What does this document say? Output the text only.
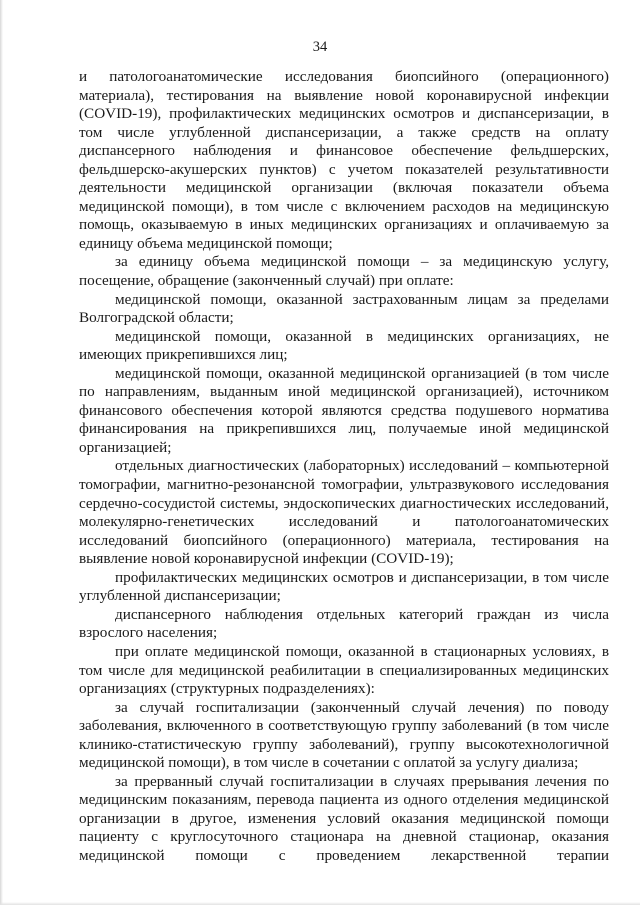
34

и патологоанатомические исследования биопсийного (операционного) материала), тестирования на выявление новой коронавирусной инфекции (COVID-19), профилактических медицинских осмотров и диспансеризации, в том числе углубленной диспансеризации, а также средств на оплату диспансерного наблюдения и финансовое обеспечение фельдшерских, фельдшерско-акушерских пунктов) с учетом показателей результативности деятельности медицинской организации (включая показатели объема медицинской помощи), в том числе с включением расходов на медицинскую помощь, оказываемую в иных медицинских организациях и оплачиваемую за единицу объема медицинской помощи;

за единицу объема медицинской помощи – за медицинскую услугу, посещение, обращение (законченный случай) при оплате:

медицинской помощи, оказанной застрахованным лицам за пределами Волгоградской области;

медицинской помощи, оказанной в медицинских организациях, не имеющих прикрепившихся лиц;

медицинской помощи, оказанной медицинской организацией (в том числе по направлениям, выданным иной медицинской организацией), источником финансового обеспечения которой являются средства подушевого норматива финансирования на прикрепившихся лиц, получаемые иной медицинской организацией;

отдельных диагностических (лабораторных) исследований – компьютерной томографии, магнитно-резонансной томографии, ультразвукового исследования сердечно-сосудистой системы, эндоскопических диагностических исследований, молекулярно-генетических исследований и патологоанатомических исследований биопсийного (операционного) материала, тестирования на выявление новой коронавирусной инфекции (COVID-19);

профилактических медицинских осмотров и диспансеризации, в том числе углубленной диспансеризации;

диспансерного наблюдения отдельных категорий граждан из числа взрослого населения;

при оплате медицинской помощи, оказанной в стационарных условиях, в том числе для медицинской реабилитации в специализированных медицинских организациях (структурных подразделениях):

за случай госпитализации (законченный случай лечения) по поводу заболевания, включенного в соответствующую группу заболеваний (в том числе клинико-статистическую группу заболеваний), группу высокотехнологичной медицинской помощи), в том числе в сочетании с оплатой за услугу диализа;

за прерванный случай госпитализации в случаях прерывания лечения по медицинским показаниям, перевода пациента из одного отделения медицинской организации в другое, изменения условий оказания медицинской помощи пациенту с круглосуточного стационара на дневной стационар, оказания медицинской помощи с проведением лекарственной терапии
